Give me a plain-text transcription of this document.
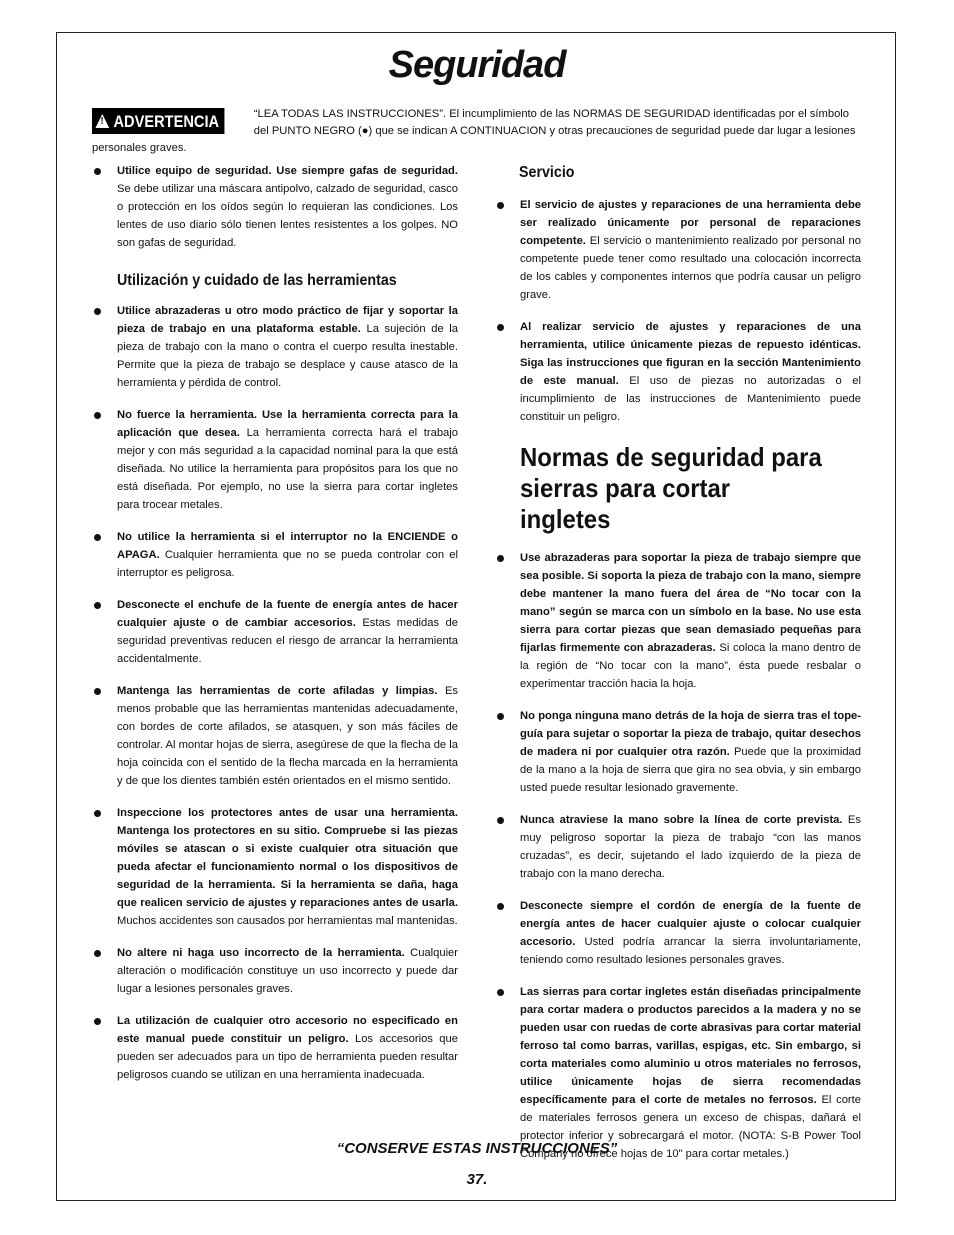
Seguridad
! ADVERTENCIA	“LEA TODAS LAS INSTRUCCIONES”. El incumplimiento de las NORMAS DE SEGURIDAD identificadas por el símbolo del PUNTO NEGRO (●) que se indican A CONTINUACION y otras precauciones de seguridad puede dar lugar a lesiones personales graves.
Utilice equipo de seguridad. Use siempre gafas de seguridad. Se debe utilizar una máscara antipolvo, calzado de seguridad, casco o protección en los oídos según lo requieran las condiciones. Los lentes de uso diario sólo tienen lentes resistentes a los golpes. NO son gafas de seguridad.
Utilización y cuidado de las herramientas
Utilice abrazaderas u otro modo práctico de fijar y soportar la pieza de trabajo en una plataforma estable. La sujeción de la pieza de trabajo con la mano o contra el cuerpo resulta inestable. Permite que la pieza de trabajo se desplace y cause atasco de la herramienta y pérdida de control.
No fuerce la herramienta. Use la herramienta correcta para la aplicación que desea. La herramienta correcta hará el trabajo mejor y con más seguridad a la capacidad nominal para la que está diseñada. No utilice la herramienta para propósitos para los que no está diseñada. Por ejemplo, no use la sierra para cortar ingletes para trocear metales.
No utilice la herramienta si el interruptor no la ENCIENDE o APAGA. Cualquier herramienta que no se pueda controlar con el interruptor es peligrosa.
Desconecte el enchufe de la fuente de energía antes de hacer cualquier ajuste o de cambiar accesorios. Estas medidas de seguridad preventivas reducen el riesgo de arrancar la herramienta accidentalmente.
Mantenga las herramientas de corte afiladas y limpias. Es menos probable que las herramientas mantenidas adecuadamente, con bordes de corte afilados, se atasquen, y son más fáciles de controlar. Al montar hojas de sierra, asegúrese de que la flecha de la hoja coincida con el sentido de la flecha marcada en la herramienta y de que los dientes también estén orientados en el mismo sentido.
Inspeccione los protectores antes de usar una herramienta. Mantenga los protectores en su sitio. Compruebe si las piezas móviles se atascan o si existe cualquier otra situación que pueda afectar el funcionamiento normal o los dispositivos de seguridad de la herramienta. Si la herramienta se daña, haga que realicen servicio de ajustes y reparaciones antes de usarla. Muchos accidentes son causados por herramientas mal mantenidas.
No altere ni haga uso incorrecto de la herramienta. Cualquier alteración o modificación constituye un uso incorrecto y puede dar lugar a lesiones personales graves.
La utilización de cualquier otro accesorio no especificado en este manual puede constituir un peligro. Los accesorios que pueden ser adecuados para un tipo de herramienta pueden resultar peligrosos cuando se utilizan en una herramienta inadecuada.
Servicio
El servicio de ajustes y reparaciones de una herramienta debe ser realizado únicamente por personal de reparaciones competente. El servicio o mantenimiento realizado por personal no competente puede tener como resultado una colocación incorrecta de los cables y componentes internos que podría causar un peligro grave.
Al realizar servicio de ajustes y reparaciones de una herramienta, utilice únicamente piezas de repuesto idénticas. Siga las instrucciones que figuran en la sección Mantenimiento de este manual. El uso de piezas no autorizadas o el incumplimiento de las instrucciones de Mantenimiento puede constituir un peligro.
Normas de seguridad para sierras para cortar ingletes
Use abrazaderas para soportar la pieza de trabajo siempre que sea posible. Si soporta la pieza de trabajo con la mano, siempre debe mantener la mano fuera del área de “No tocar con la mano” según se marca con un símbolo en la base. No use esta sierra para cortar piezas que sean demasiado pequeñas para fijarlas firmemente con abrazaderas. Si coloca la mano dentro de la región de “No tocar con la mano”, ésta puede resbalar o experimentar tracción hacia la hoja.
No ponga ninguna mano detrás de la hoja de sierra tras el tope-guía para sujetar o soportar la pieza de trabajo, quitar desechos de madera ni por cualquier otra razón. Puede que la proximidad de la mano a la hoja de sierra que gira no sea obvia, y sin embargo usted puede resultar lesionado gravemente.
Nunca atraviese la mano sobre la línea de corte prevista. Es muy peligroso soportar la pieza de trabajo “con las manos cruzadas”, es decir, sujetando el lado izquierdo de la pieza de trabajo con la mano derecha.
Desconecte siempre el cordón de energía de la fuente de energía antes de hacer cualquier ajuste o colocar cualquier accesorio. Usted podría arrancar la sierra involuntariamente, teniendo como resultado lesiones personales graves.
Las sierras para cortar ingletes están diseñadas principalmente para cortar madera o productos parecidos a la madera y no se pueden usar con ruedas de corte abrasivas para cortar material ferroso tal como barras, varillas, espigas, etc. Sin embargo, si corta materiales como aluminio u otros materiales no ferrosos, utilice únicamente hojas de sierra recomendadas específicamente para el corte de metales no ferrosos. El corte de materiales ferrosos genera un exceso de chispas, dañará el protector inferior y sobrecargará el motor. (NOTA: S-B Power Tool Company no ofrece hojas de 10" para cortar metales.)
“CONSERVE ESTAS INSTRUCCIONES”
37.
